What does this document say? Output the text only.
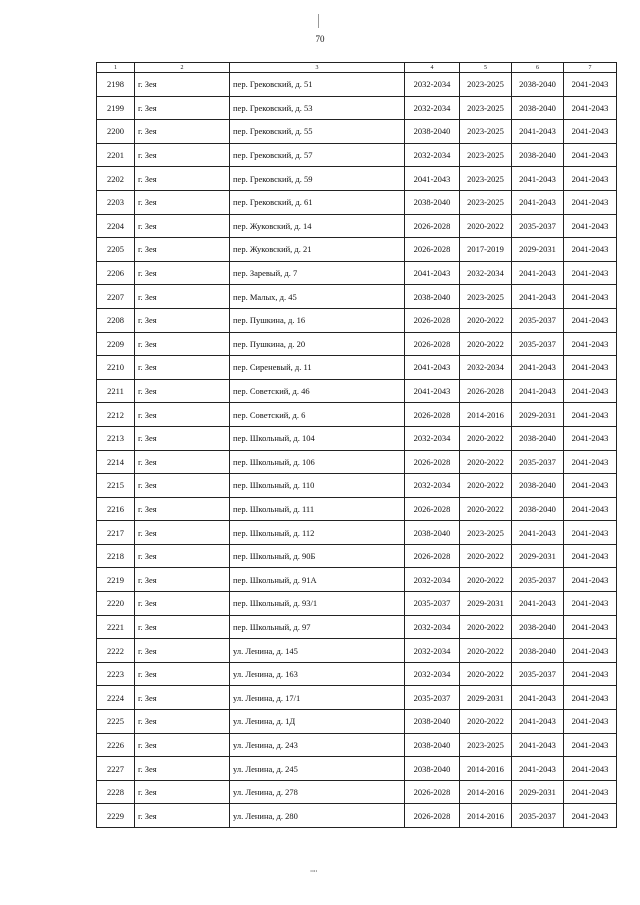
70
1	2	3	4	5	6	7
2198	г. Зея	пер. Грековский, д. 51	2032-2034	2023-2025	2038-2040	2041-2043
2199	г. Зея	пер. Грековский, д. 53	2032-2034	2023-2025	2038-2040	2041-2043
2200	г. Зея	пер. Грековский, д. 55	2038-2040	2023-2025	2041-2043	2041-2043
2201	г. Зея	пер. Грековский, д. 57	2032-2034	2023-2025	2038-2040	2041-2043
2202	г. Зея	пер. Грековский, д. 59	2041-2043	2023-2025	2041-2043	2041-2043
2203	г. Зея	пер. Грековский, д. 61	2038-2040	2023-2025	2041-2043	2041-2043
2204	г. Зея	пер. Жуковский, д. 14	2026-2028	2020-2022	2035-2037	2041-2043
2205	г. Зея	пер. Жуковский, д. 21	2026-2028	2017-2019	2029-2031	2041-2043
2206	г. Зея	пер. Заревый, д. 7	2041-2043	2032-2034	2041-2043	2041-2043
2207	г. Зея	пер. Малых, д. 45	2038-2040	2023-2025	2041-2043	2041-2043
2208	г. Зея	пер. Пушкина, д. 16	2026-2028	2020-2022	2035-2037	2041-2043
2209	г. Зея	пер. Пушкина, д. 20	2026-2028	2020-2022	2035-2037	2041-2043
2210	г. Зея	пер. Сиреневый, д. 11	2041-2043	2032-2034	2041-2043	2041-2043
2211	г. Зея	пер. Советский, д. 46	2041-2043	2026-2028	2041-2043	2041-2043
2212	г. Зея	пер. Советский, д. 6	2026-2028	2014-2016	2029-2031	2041-2043
2213	г. Зея	пер. Школьный, д. 104	2032-2034	2020-2022	2038-2040	2041-2043
2214	г. Зея	пер. Школьный, д. 106	2026-2028	2020-2022	2035-2037	2041-2043
2215	г. Зея	пер. Школьный, д. 110	2032-2034	2020-2022	2038-2040	2041-2043
2216	г. Зея	пер. Школьный, д. 111	2026-2028	2020-2022	2038-2040	2041-2043
2217	г. Зея	пер. Школьный, д. 112	2038-2040	2023-2025	2041-2043	2041-2043
2218	г. Зея	пер. Школьный, д. 90Б	2026-2028	2020-2022	2029-2031	2041-2043
2219	г. Зея	пер. Школьный, д. 91А	2032-2034	2020-2022	2035-2037	2041-2043
2220	г. Зея	пер. Школьный, д. 93/1	2035-2037	2029-2031	2041-2043	2041-2043
2221	г. Зея	пер. Школьный, д. 97	2032-2034	2020-2022	2038-2040	2041-2043
2222	г. Зея	ул. Ленина, д. 145	2032-2034	2020-2022	2038-2040	2041-2043
2223	г. Зея	ул. Ленина, д. 163	2032-2034	2020-2022	2035-2037	2041-2043
2224	г. Зея	ул. Ленина, д. 17/1	2035-2037	2029-2031	2041-2043	2041-2043
2225	г. Зея	ул. Ленина, д. 1Д	2038-2040	2020-2022	2041-2043	2041-2043
2226	г. Зея	ул. Ленина, д. 243	2038-2040	2023-2025	2041-2043	2041-2043
2227	г. Зея	ул. Ленина, д. 245	2038-2040	2014-2016	2041-2043	2041-2043
2228	г. Зея	ул. Ленина, д. 278	2026-2028	2014-2016	2029-2031	2041-2043
2229	г. Зея	ул. Ленина, д. 280	2026-2028	2014-2016	2035-2037	2041-2043
⁞
